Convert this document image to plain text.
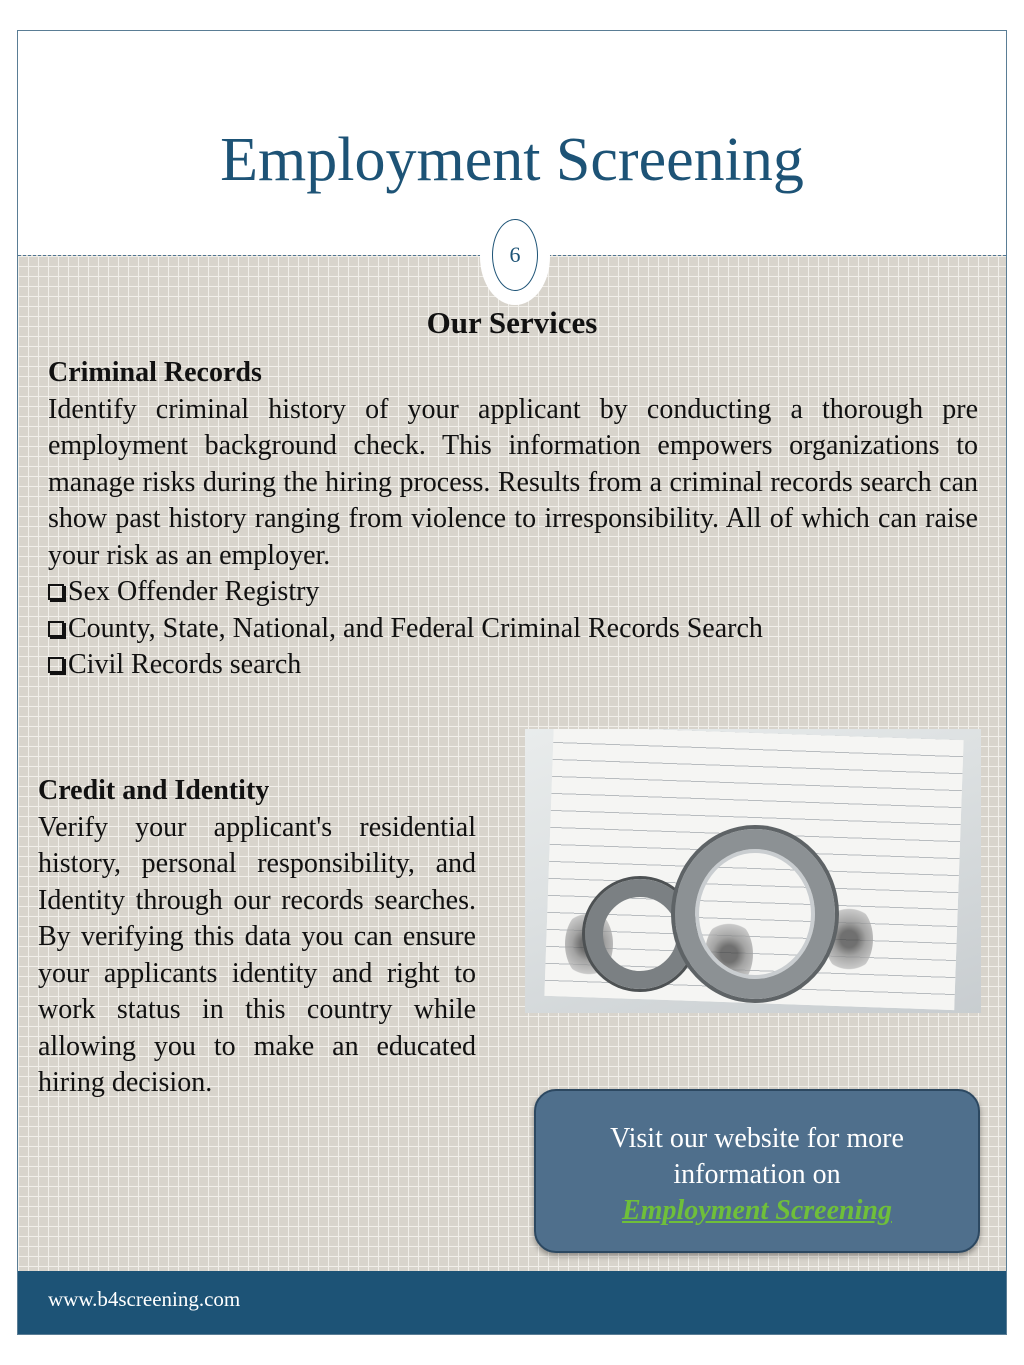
Employment Screening
6
Our Services
Criminal Records

Identify criminal history of your applicant by conducting a thorough pre employment background check. This information empowers organizations to manage risks during the hiring process. Results from a criminal records search can show past history ranging from violence to irresponsibility. All of which can raise your risk as an employer.

Sex Offender Registry
County, State, National, and Federal Criminal Records Search
Civil Records search
Credit and Identity

Verify your applicant's residential history, personal responsibility, and Identity through our records searches. By verifying this data you can ensure your applicants identity and right to work status in this country while allowing you to make an educated hiring decision.

Visit our website for more
information on
Employment Screening
www.b4screening.com
